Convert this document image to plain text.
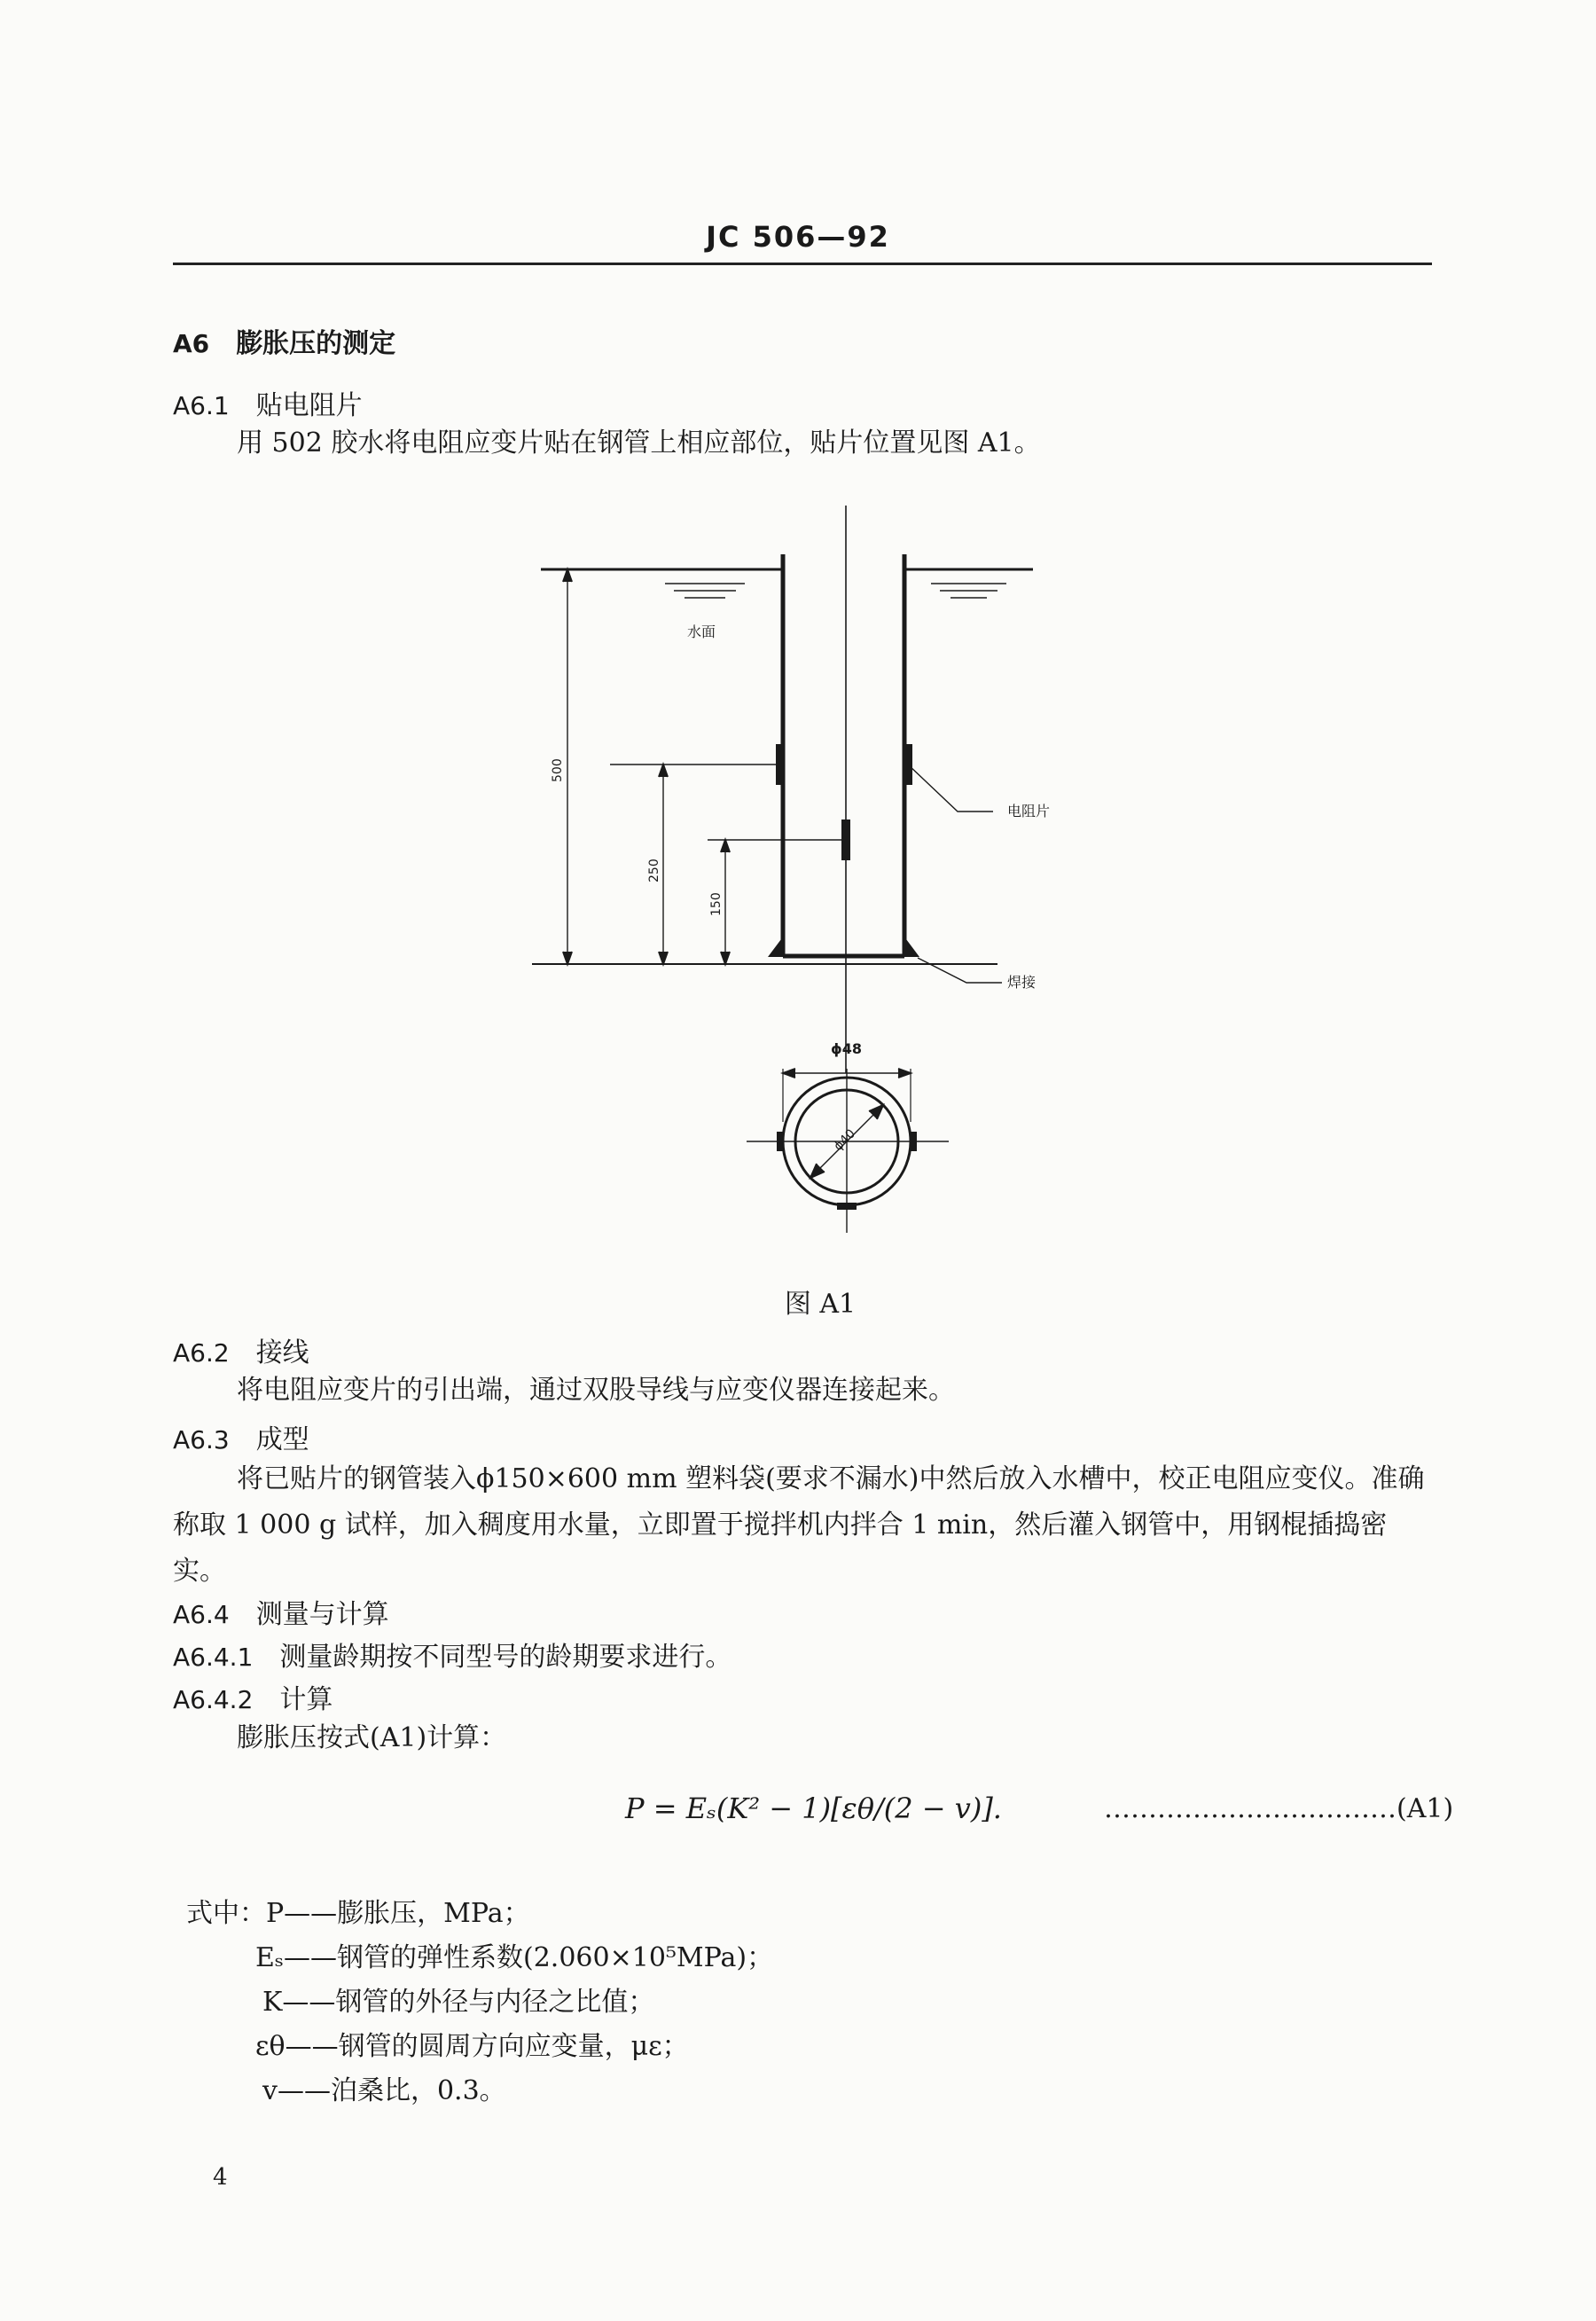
JC 506—92
A6 膨胀压的测定
A6.1 贴电阻片
用 502 胶水将电阻应变片贴在钢管上相应部位，贴片位置见图 A1。
水面
电阻片
焊接
500
250
150
ϕ48
ϕ40
图 A1
A6.2 接线
将电阻应变片的引出端，通过双股导线与应变仪器连接起来。
A6.3 成型
将已贴片的钢管装入ϕ150×600 mm 塑料袋(要求不漏水)中然后放入水槽中，校正电阻应变仪。准确称取 1 000 g 试样，加入稠度用水量，立即置于搅拌机内拌合 1 min，然后灌入钢管中，用钢棍插捣密实。
A6.4 测量与计算
A6.4.1 测量龄期按不同型号的龄期要求进行。
A6.4.2 计算
膨胀压按式(A1)计算：
P = Eₛ(K² − 1)[εθ/(2 − v)].	……………………………(A1)
式中： P——膨胀压，MPa；
Eₛ——钢管的弹性系数(2.060×10⁵MPa)；
K——钢管的外径与内径之比值；
εθ——钢管的圆周方向应变量，με；
v——泊桑比，0.3。
4
